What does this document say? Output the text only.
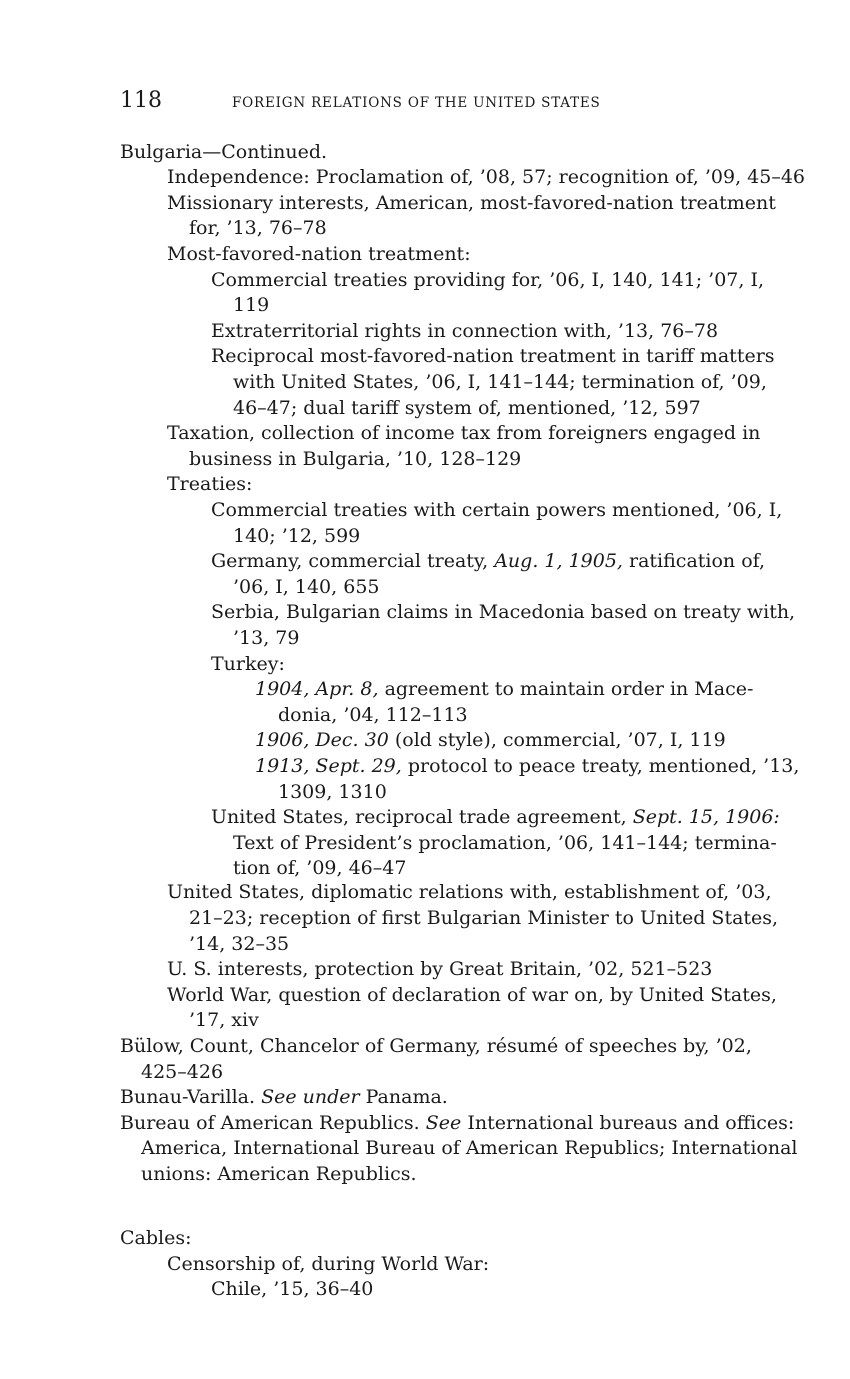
118	FOREIGN RELATIONS OF THE UNITED STATES
Bulgaria—Continued.
Independence: Proclamation of, ’08, 57; recognition of, ’09, 45–46
Missionary interests, American, most-favored-nation treatment
for, ’13, 76–78
Most-favored-nation treatment:
Commercial treaties providing for, ’06, I, 140, 141; ’07, I,
119
Extraterritorial rights in connection with, ’13, 76–78
Reciprocal most-favored-nation treatment in tariff matters
with United States, ’06, I, 141–144; termination of, ’09,
46–47; dual tariff system of, mentioned, ’12, 597
Taxation, collection of income tax from foreigners engaged in
business in Bulgaria, ’10, 128–129
Treaties:
Commercial treaties with certain powers mentioned, ’06, I,
140; ’12, 599
Germany, commercial treaty, Aug. 1, 1905, ratification of,
’06, I, 140, 655
Serbia, Bulgarian claims in Macedonia based on treaty with,
’13, 79
Turkey:
1904, Apr. 8, agreement to maintain order in Mace-
donia, ’04, 112–113
1906, Dec. 30 (old style), commercial, ’07, I, 119
1913, Sept. 29, protocol to peace treaty, mentioned, ’13,
1309, 1310
United States, reciprocal trade agreement, Sept. 15, 1906:
Text of President’s proclamation, ’06, 141–144; termina-
tion of, ’09, 46–47
United States, diplomatic relations with, establishment of, ’03,
21–23; reception of first Bulgarian Minister to United States,
’14, 32–35
U. S. interests, protection by Great Britain, ’02, 521–523
World War, question of declaration of war on, by United States,
’17, xiv
Bülow, Count, Chancelor of Germany, résumé of speeches by, ’02,
425–426
Bunau-Varilla. See under Panama.
Bureau of American Republics. See International bureaus and offices:
America, International Bureau of American Republics; International
unions: American Republics.
Cables:
Censorship of, during World War:
Chile, ’15, 36–40
